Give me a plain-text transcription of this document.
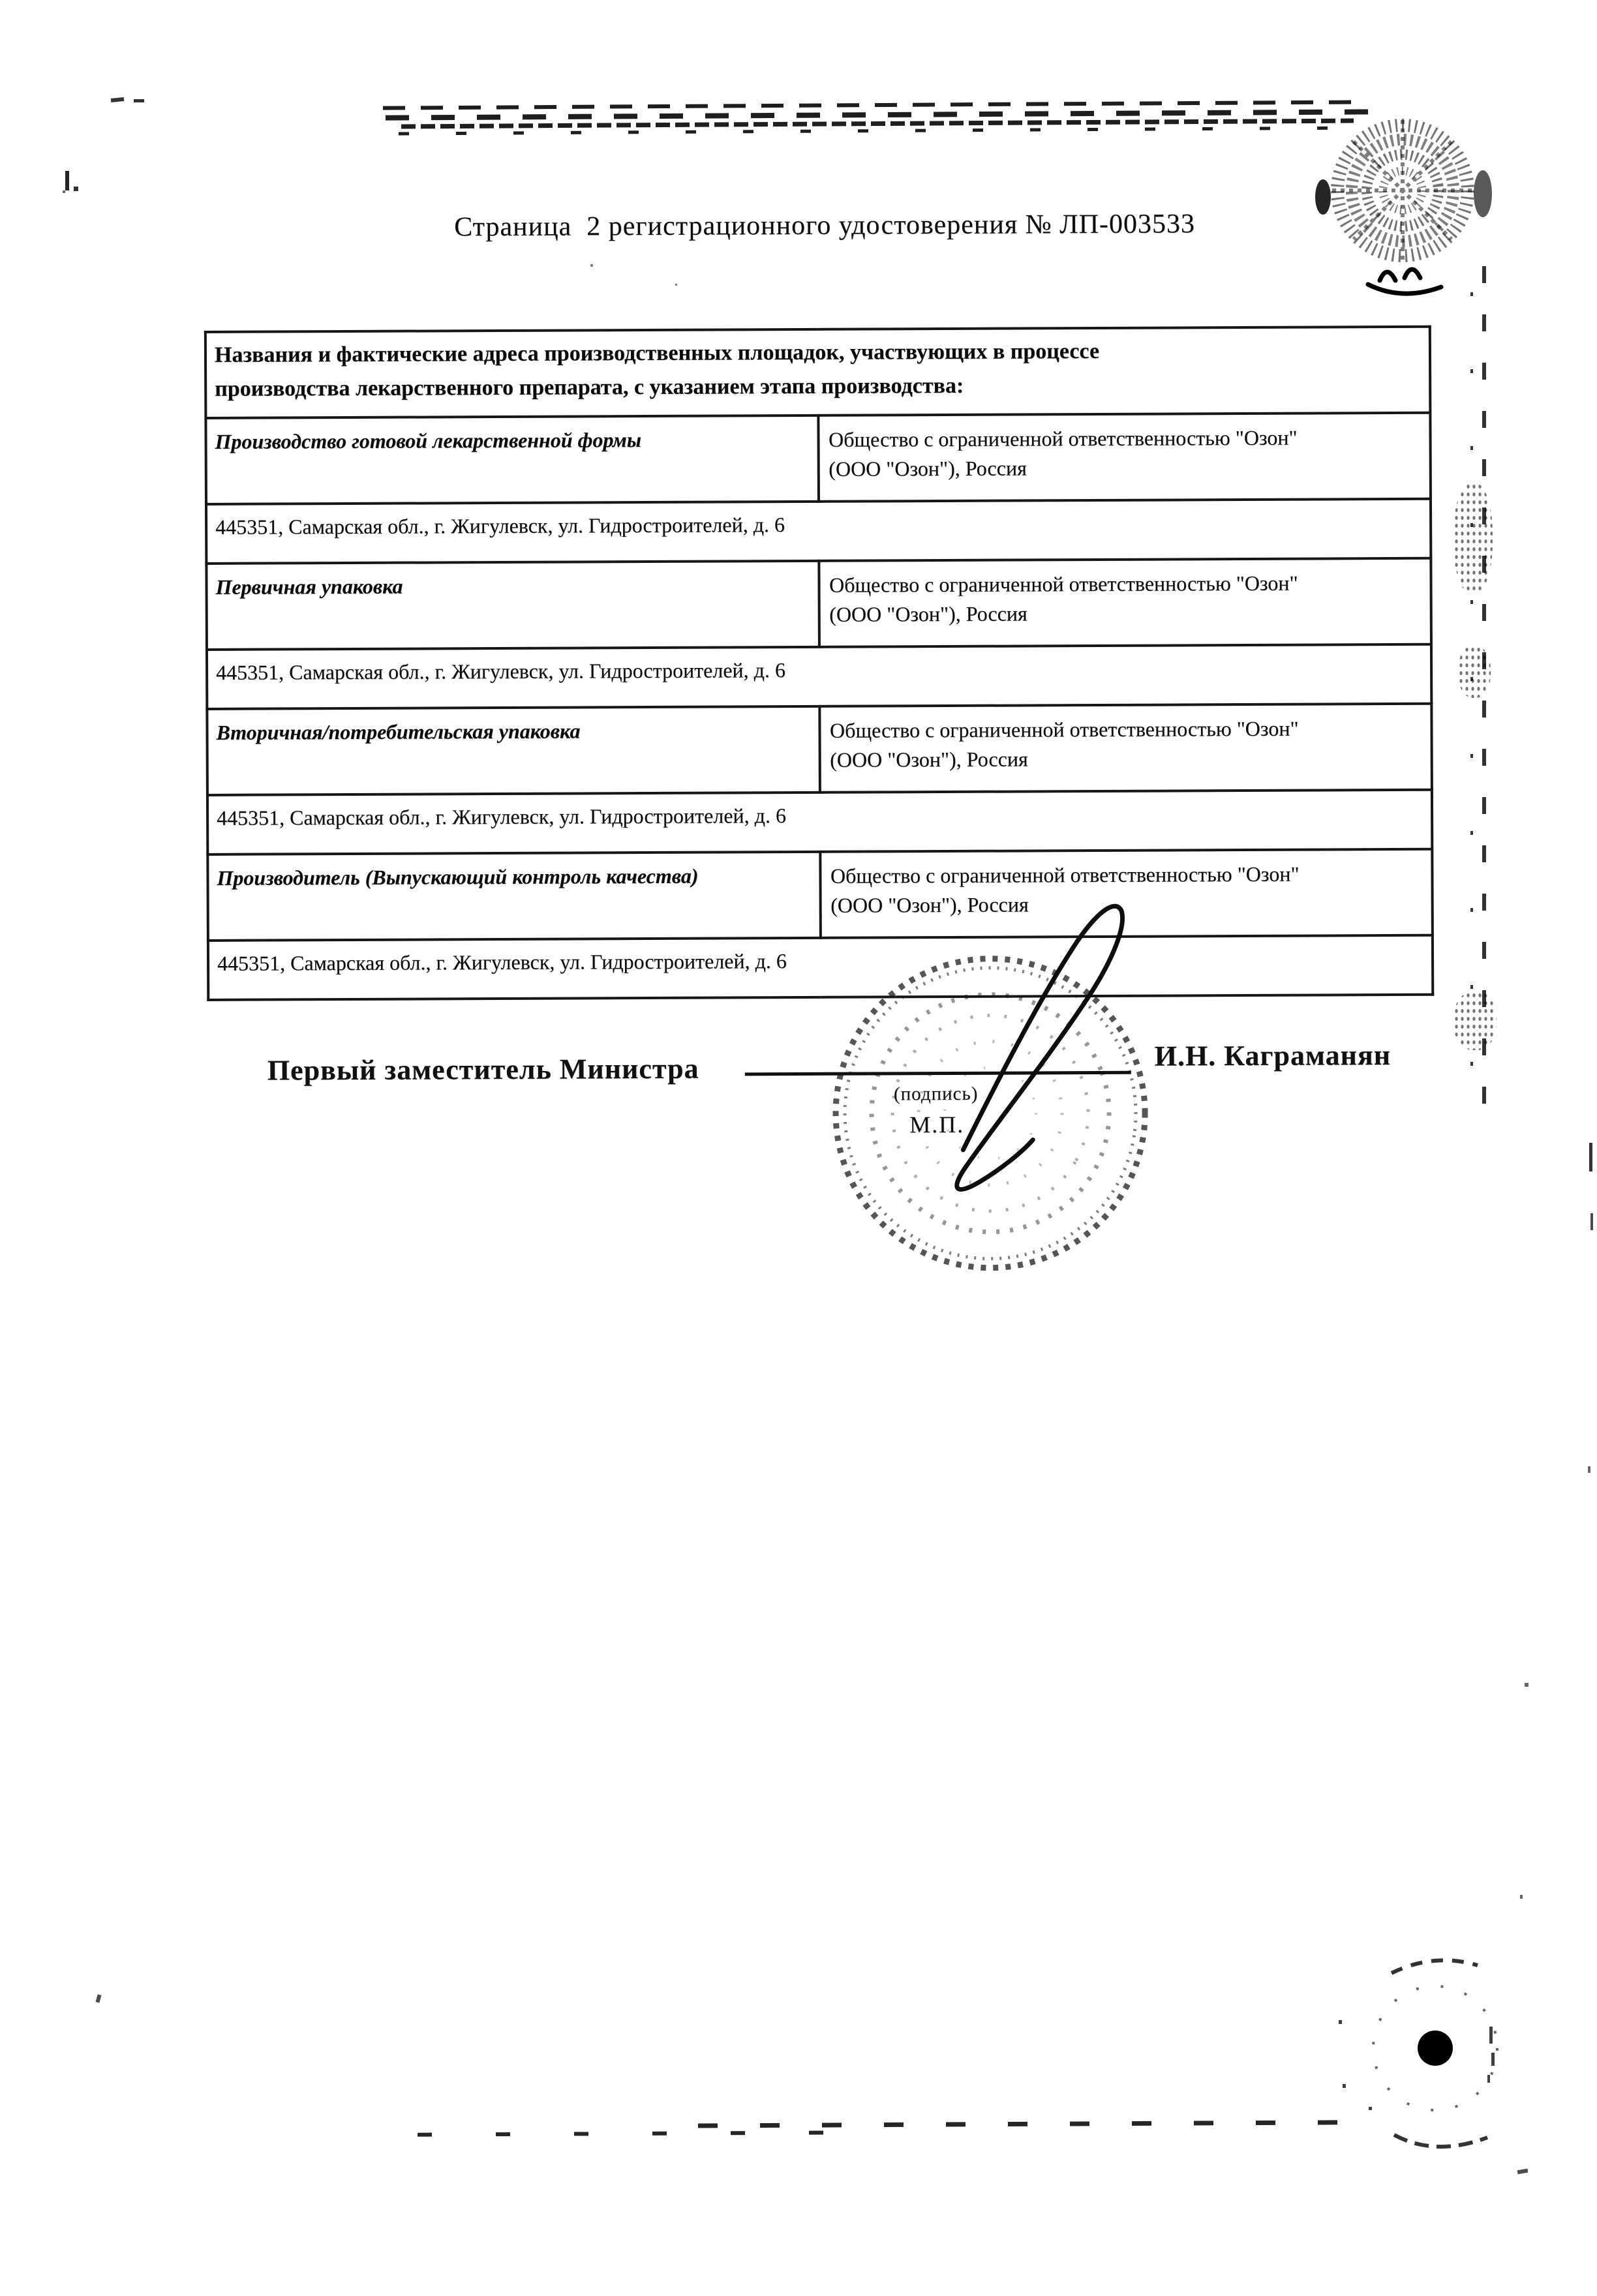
Страница  2 регистрационного удостоверения № ЛП-003533
Названия и фактические адреса производственных площадок, участвующих в процессе
производства лекарственного препарата, с указанием этапа производства:	

Производство готовой лекарственной формы	Общество с ограниченной ответственностью "Озон"
(ООО "Озон"), Россия

445351, Самарская обл., г. Жигулевск, ул. Гидростроителей, д. 6	
Первичная упаковка	Общество с ограниченной ответственностью "Озон"
(ООО "Озон"), Россия

445351, Самарская обл., г. Жигулевск, ул. Гидростроителей, д. 6	
Вторичная/потребительская упаковка	Общество с ограниченной ответственностью "Озон"
(ООО "Озон"), Россия

445351, Самарская обл., г. Жигулевск, ул. Гидростроителей, д. 6	
Производитель (Выпускающий контроль качества)	Общество с ограниченной ответственностью "Озон"
(ООО "Озон"), Россия

445351, Самарская обл., г. Жигулевск, ул. Гидростроителей, д. 6	
Первый заместитель Министра
(подпись)
М.П.
И.Н. Каграманян
